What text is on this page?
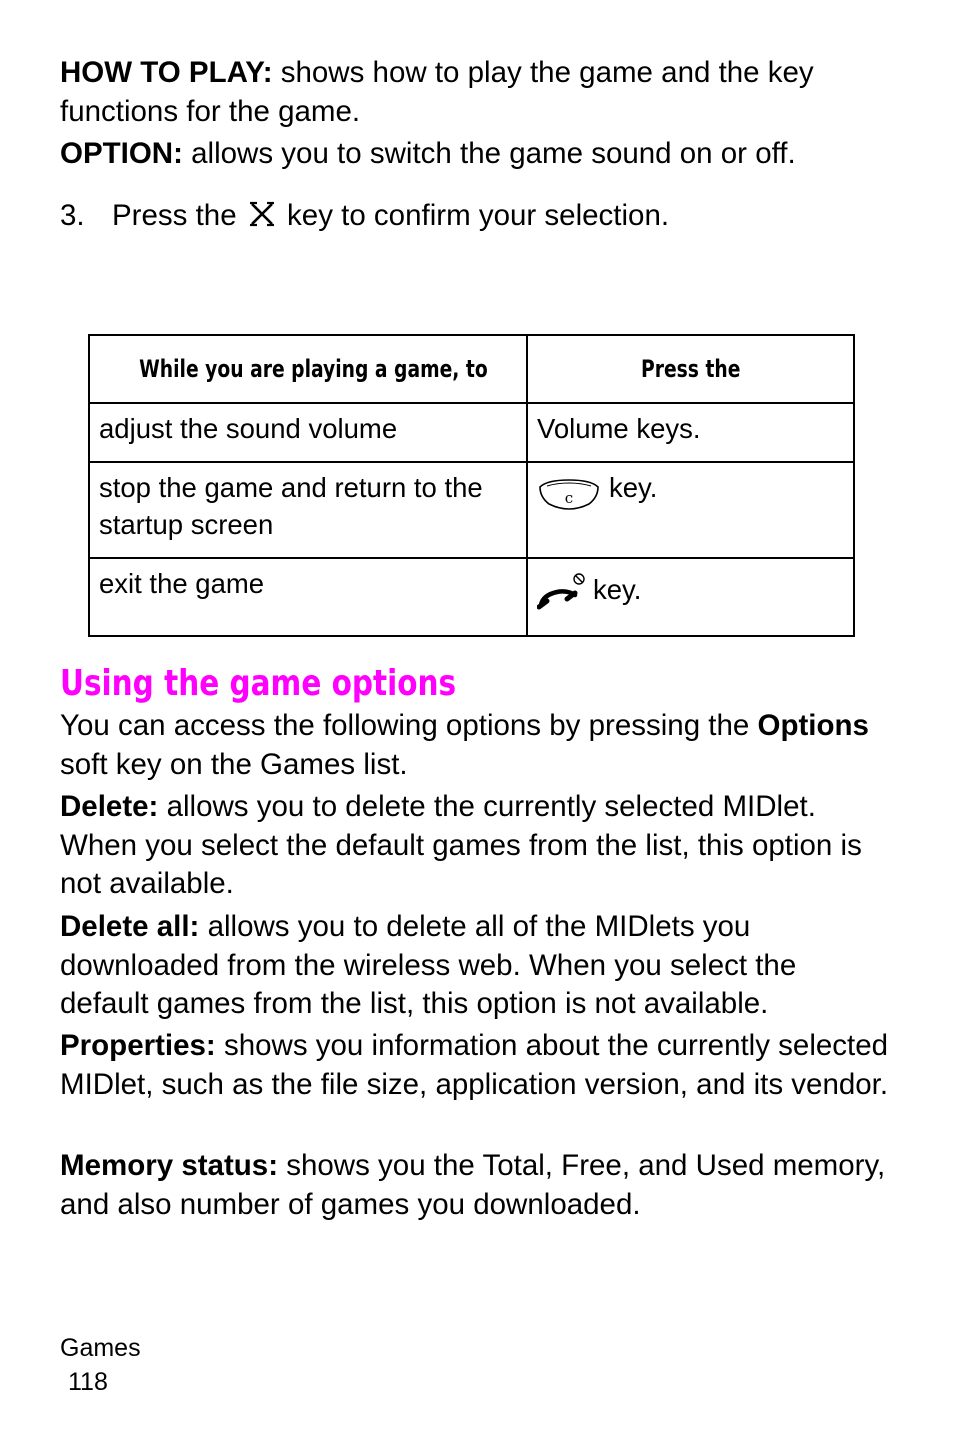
HOW TO PLAY: shows how to play the game and the key functions for the game.

OPTION: allows you to switch the game sound on or off.

3. Press the key to confirm your selection.
While you are playing a game, to	Press the
adjust the sound volume	Volume keys.
stop the game and return to the startup screen	c key.
exit the game	key.
Using the game options

You can access the following options by pressing the Options soft key on the Games list.

Delete: allows you to delete the currently selected MIDlet. When you select the default games from the list, this option is not available.

Delete all: allows you to delete all of the MIDlets you downloaded from the wireless web. When you select the default games from the list, this option is not available.

Properties: shows you information about the currently selected MIDlet, such as the file size, application version, and its vendor.

Memory status: shows you the Total, Free, and Used memory, and also number of games you downloaded.

Games
118
